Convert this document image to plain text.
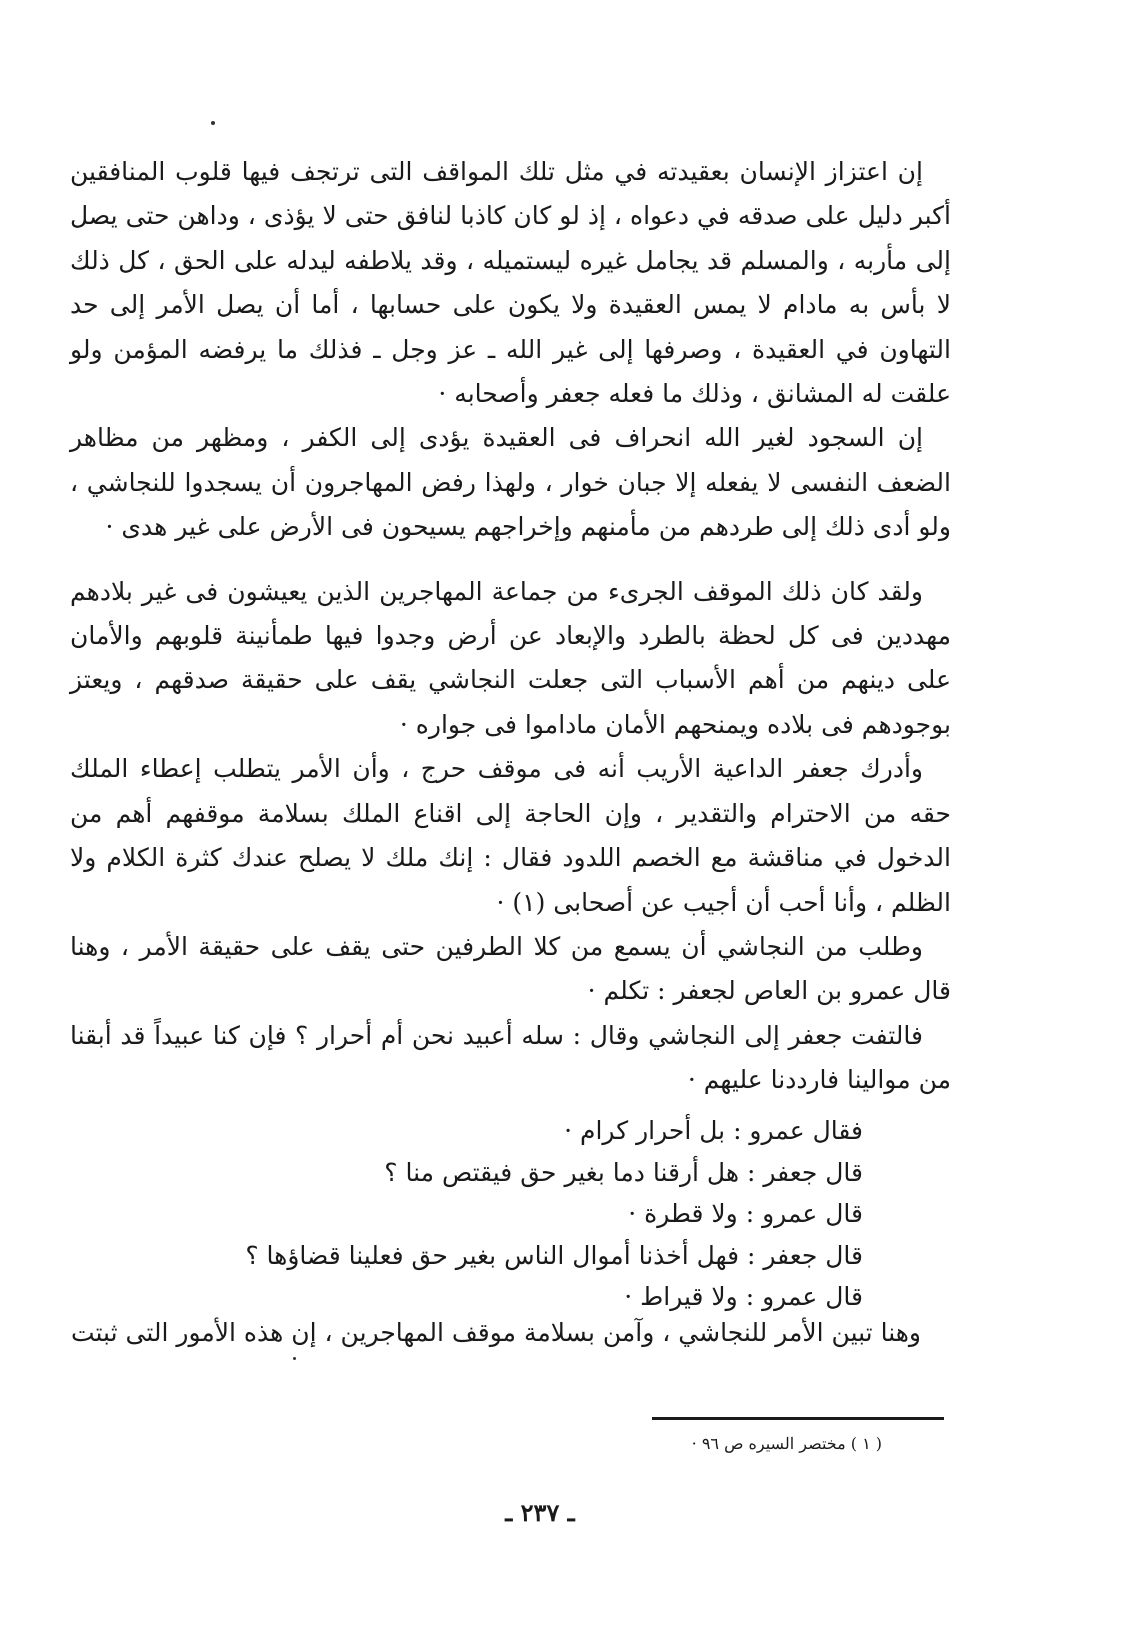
إن اعتزاز الإنسان بعقيدته في مثل تلك المواقف التى ترتجف فيها قلوب المنافقين أكبر دليل على صدقه في دعواه ، إذ لو كان كاذبا لنافق حتى لا يؤذى ، وداهن حتى يصل إلى مأربه ، والمسلم قد يجامل غيره ليستميله ، وقد يلاطفه ليدله على الحق ، كل ذلك لا بأس به مادام لا يمس العقيدة ولا يكون على حسابها ، أما أن يصل الأمر إلى حد التهاون في العقيدة ، وصرفها إلى غير الله ـ عز وجل ـ فذلك ما يرفضه المؤمن ولو علقت له المشانق ، وذلك ما فعله جعفر وأصحابه ·

إن السجود لغير الله انحراف فى العقيدة يؤدى إلى الكفر ، ومظهر من مظاهر الضعف النفسى لا يفعله إلا جبان خوار ، ولهذا رفض المهاجرون أن يسجدوا للنجاشي ، ولو أدى ذلك إلى طردهم من مأمنهم وإخراجهم يسيحون فى الأرض على غير هدى ·

ولقد كان ذلك الموقف الجرىء من جماعة المهاجرين الذين يعيشون فى غير بلادهم مهددين فى كل لحظة بالطرد والإبعاد عن أرض وجدوا فيها طمأنينة قلوبهم والأمان على دينهم من أهم الأسباب التى جعلت النجاشي يقف على حقيقة صدقهم ، ويعتز بوجودهم فى بلاده ويمنحهم الأمان ماداموا فى جواره ·

وأدرك جعفر الداعية الأريب أنه فى موقف حرج ، وأن الأمر يتطلب إعطاء الملك حقه من الاحترام والتقدير ، وإن الحاجة إلى اقناع الملك بسلامة موقفهم أهم من الدخول في مناقشة مع الخصم اللدود فقال : إنك ملك لا يصلح عندك كثرة الكلام ولا الظلم ، وأنا أحب أن أجيب عن أصحابى (١) ·

وطلب من النجاشي أن يسمع من كلا الطرفين حتى يقف على حقيقة الأمر ، وهنا قال عمرو بن العاص لجعفر : تكلم ·

فالتفت جعفر إلى النجاشي وقال : سله أعبيد نحن أم أحرار ؟ فإن كنا عبيداً قد أبقنا من موالينا فارددنا عليهم ·

فقال عمرو : بل أحرار كرام ·
قال جعفر : هل أرقنا دما بغير حق فيقتص منا ؟
قال عمرو : ولا قطرة ·
قال جعفر : فهل أخذنا أموال الناس بغير حق فعلينا قضاؤها ؟
قال عمرو : ولا قيراط ·
وهنا تبين الأمر للنجاشي ، وآمن بسلامة موقف المهاجرين ، إن هذه الأمور التى ثبتت
( ١ ) مختصر السيره ص ٩٦ ·
ـ ٢٣٧ ـ
